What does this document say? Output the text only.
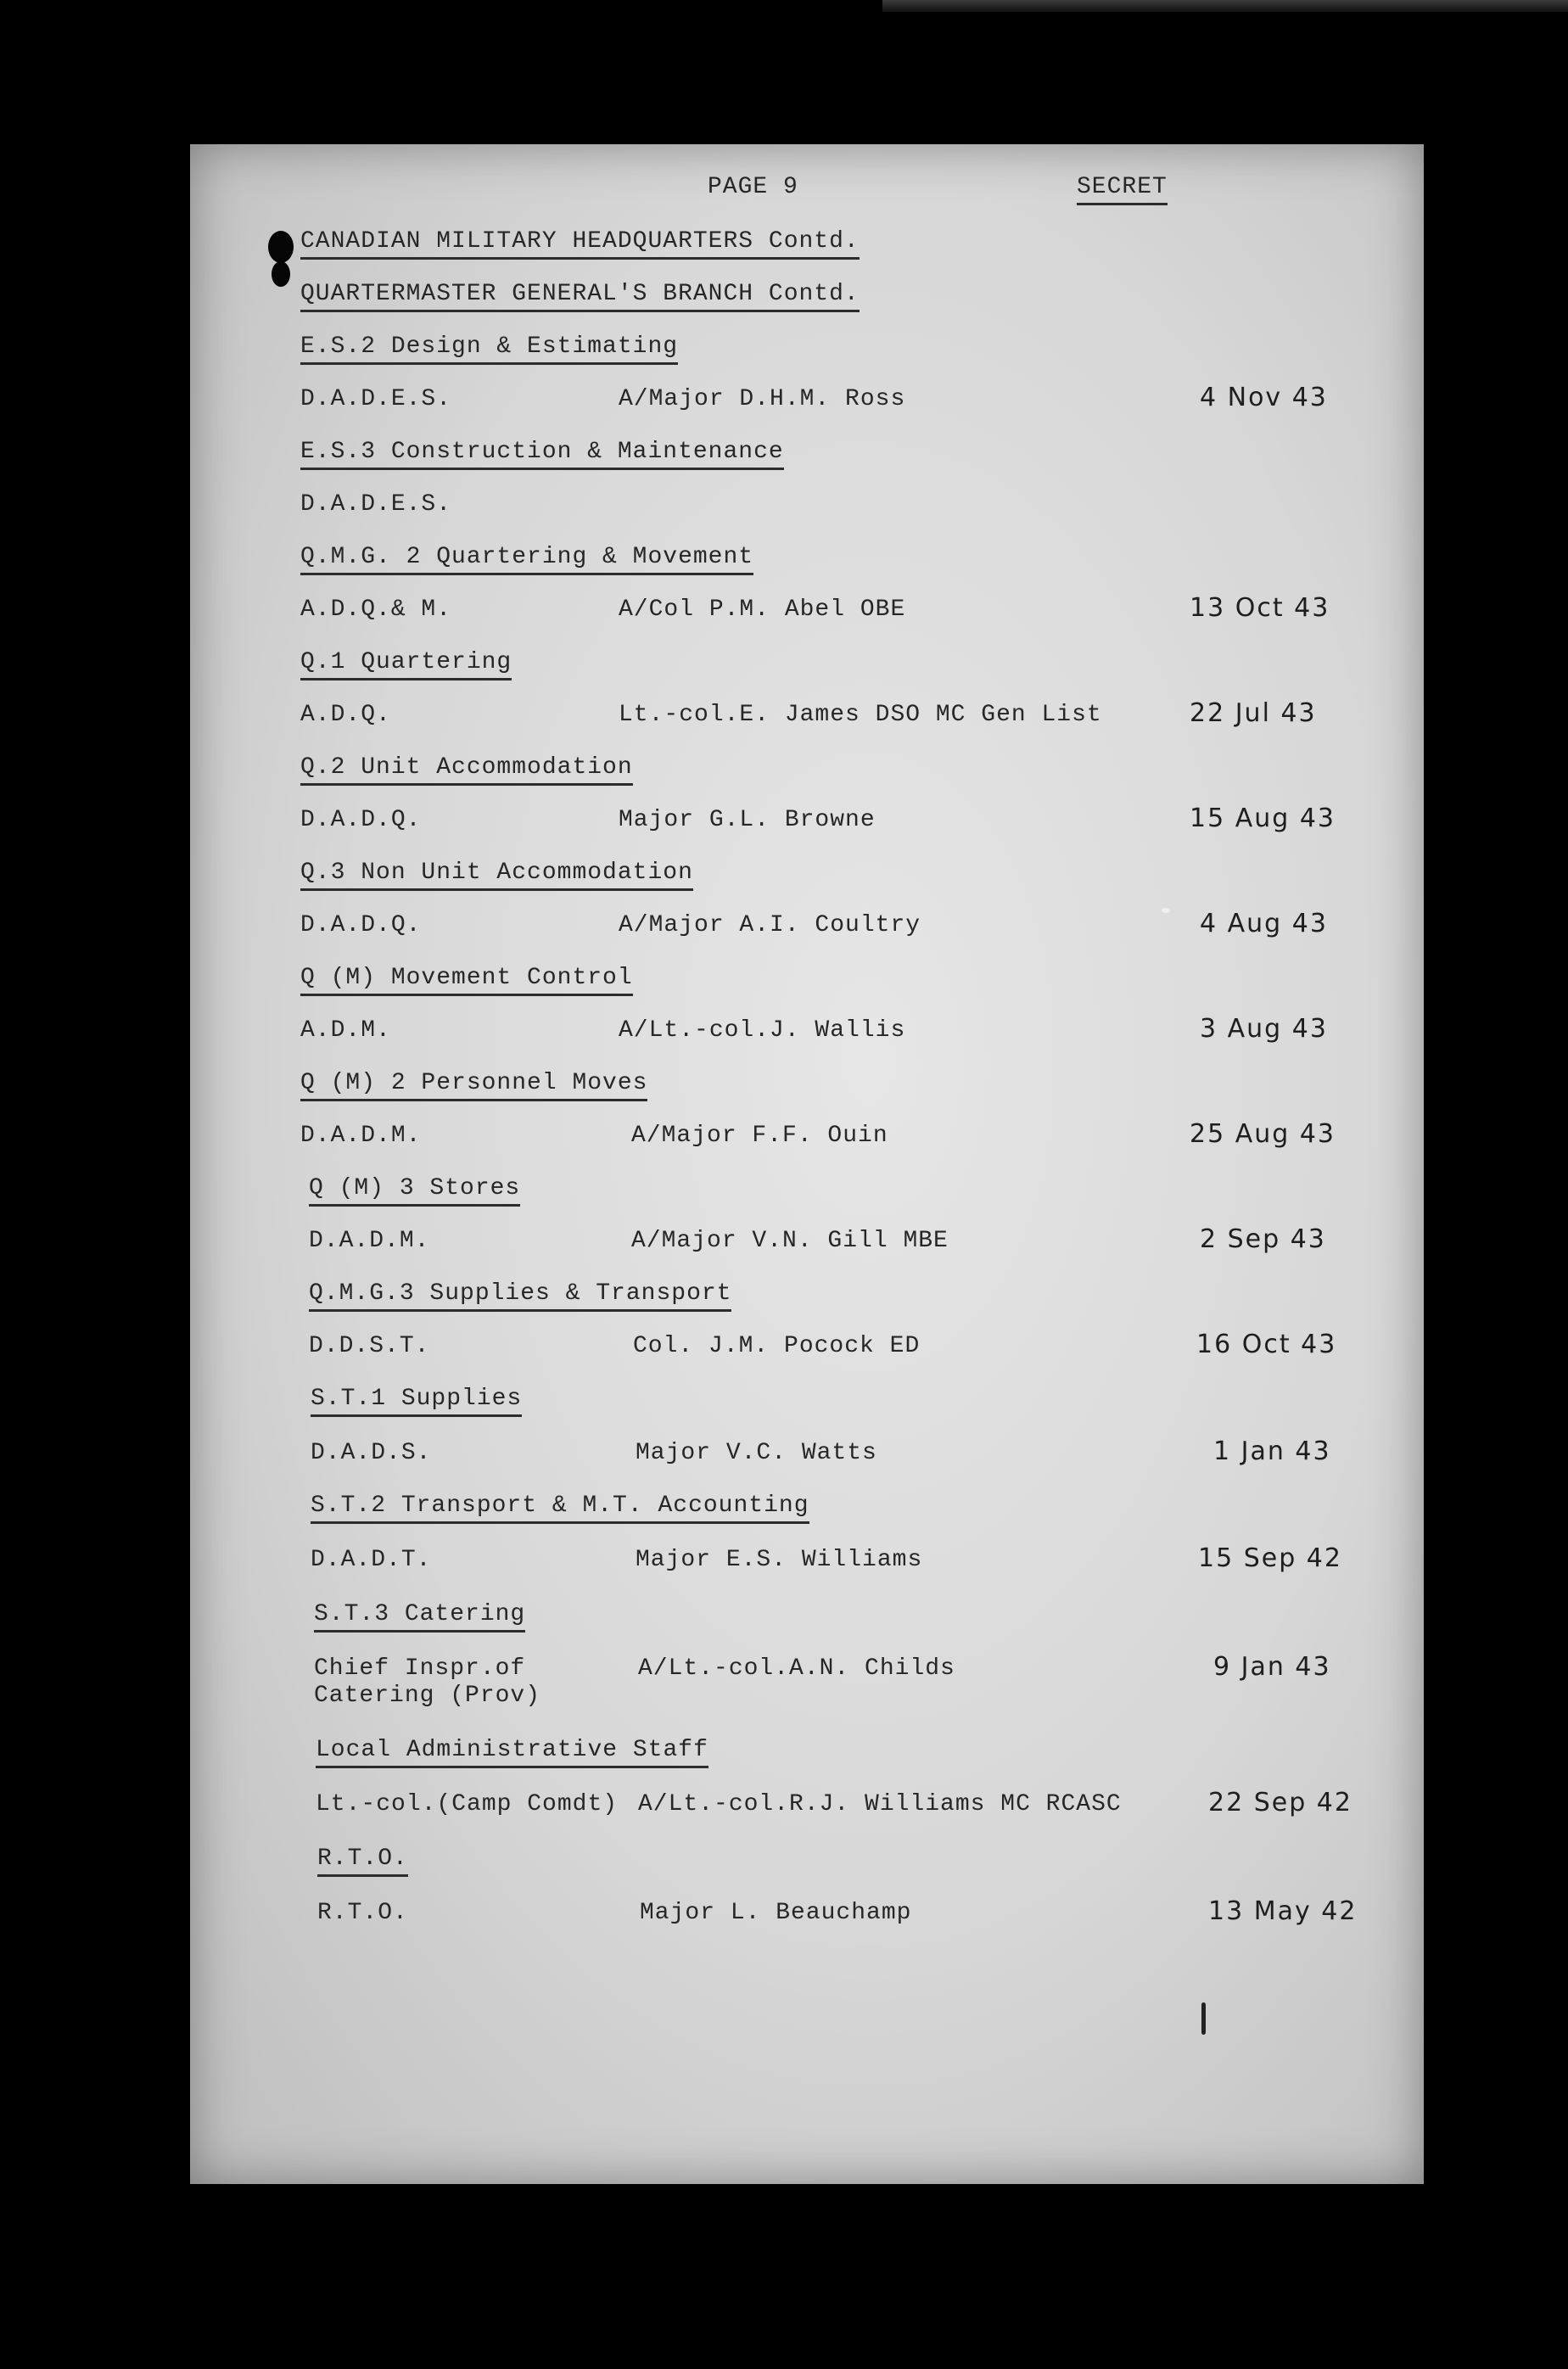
PAGE 9	SECRET
CANADIAN MILITARY HEADQUARTERS Contd.
QUARTERMASTER GENERAL'S BRANCH Contd.
E.S.2 Design & Estimating
D.A.D.E.S.	A/Major D.H.M. Ross	4 Nov 43
E.S.3 Construction & Maintenance
D.A.D.E.S.
Q.M.G. 2 Quartering & Movement
A.D.Q.& M.	A/Col P.M. Abel OBE	13 Oct 43
Q.1 Quartering
A.D.Q.	Lt.-col.E. James DSO MC Gen List	22 Jul 43
Q.2 Unit Accommodation
D.A.D.Q.	Major G.L. Browne	15 Aug 43
Q.3 Non Unit Accommodation
D.A.D.Q.	A/Major A.I. Coultry	4 Aug 43
Q (M) Movement Control
A.D.M.	A/Lt.-col.J. Wallis	3 Aug 43
Q (M) 2 Personnel Moves
D.A.D.M.	A/Major F.F. Ouin	25 Aug 43
Q (M) 3 Stores
D.A.D.M.	A/Major V.N. Gill MBE	2 Sep 43
Q.M.G.3 Supplies & Transport
D.D.S.T.	Col. J.M. Pocock ED	16 Oct 43
S.T.1 Supplies
D.A.D.S.	Major V.C. Watts	1 Jan 43
S.T.2 Transport & M.T. Accounting
D.A.D.T.	Major E.S. Williams	15 Sep 42
S.T.3 Catering
Chief Inspr.of
Catering (Prov)
A/Lt.-col.A.N. Childs	9 Jan 43
Local Administrative Staff
Lt.-col.(Camp Comdt) A/Lt.-col.R.J. Williams MC RCASC	22 Sep 42
R.T.O.
R.T.O.	Major L. Beauchamp	13 May 42
